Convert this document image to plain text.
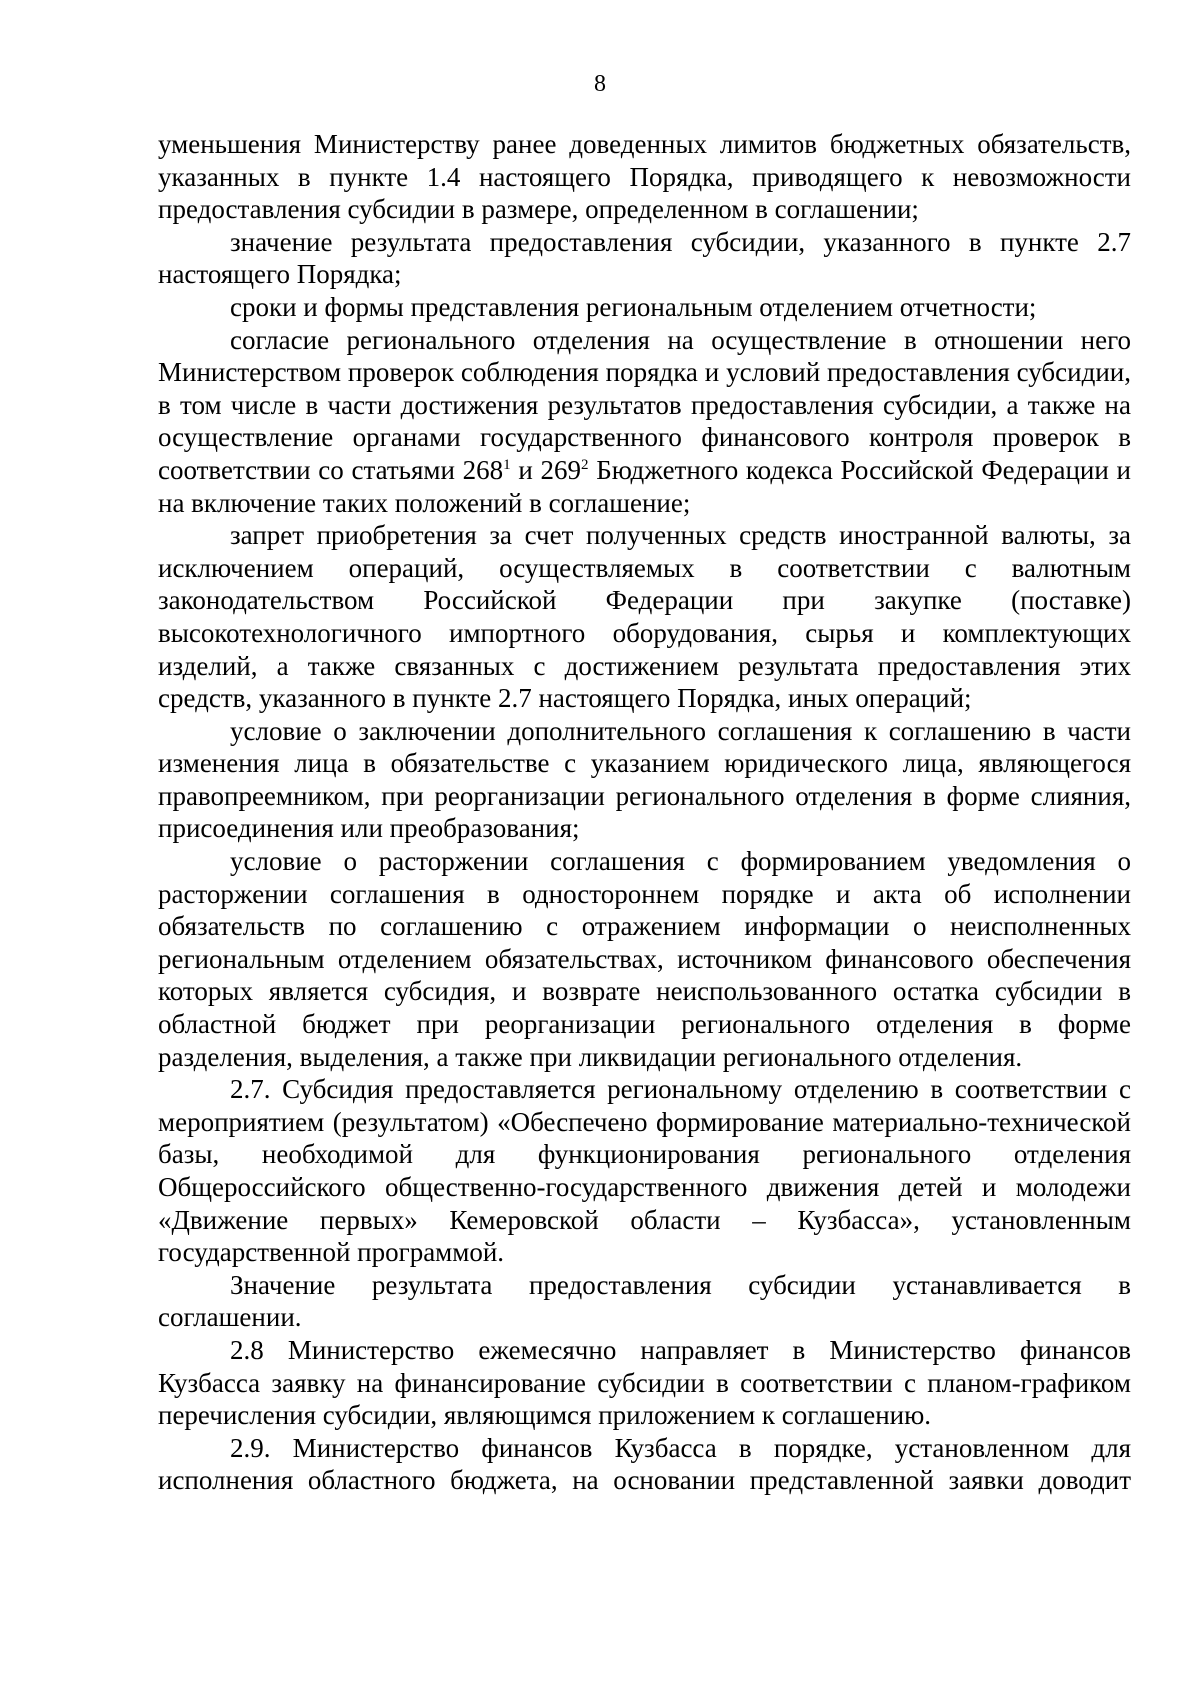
8

уменьшения Министерству ранее доведенных лимитов бюджетных обязательств, указанных в пункте 1.4 настоящего Порядка, приводящего к невозможности предоставления субсидии в размере, определенном в соглашении;

значение результата предоставления субсидии, указанного в пункте 2.7 настоящего Порядка;

сроки и формы представления региональным отделением отчетности;

согласие регионального отделения на осуществление в отношении него Министерством проверок соблюдения порядка и условий предоставления субсидии, в том числе в части достижения результатов предоставления субсидии, а также на осуществление органами государственного финансового контроля проверок в соответствии со статьями $268^1$ и $269^2$ Бюджетного кодекса Российской Федерации и на включение таких положений в соглашение;

запрет приобретения за счет полученных средств иностранной валюты, за исключением операций, осуществляемых в соответствии с валютным законодательством Российской Федерации при закупке (поставке) высокотехнологичного импортного оборудования, сырья и комплектующих изделий, а также связанных с достижением результата предоставления этих средств, указанного в пункте 2.7 настоящего Порядка, иных операций;

условие о заключении дополнительного соглашения к соглашению в части изменения лица в обязательстве с указанием юридического лица, являющегося правопреемником, при реорганизации регионального отделения в форме слияния, присоединения или преобразования;

условие о расторжении соглашения с формированием уведомления о расторжении соглашения в одностороннем порядке и акта об исполнении обязательств по соглашению с отражением информации о неисполненных региональным отделением обязательствах, источником финансового обеспечения которых является субсидия, и возврате неиспользованного остатка субсидии в областной бюджет при реорганизации регионального отделения в форме разделения, выделения, а также при ликвидации регионального отделения.

2.7. Субсидия предоставляется региональному отделению в соответствии с мероприятием (результатом) «Обеспечено формирование материально-технической базы, необходимой для функционирования регионального отделения Общероссийского общественно-государственного движения детей и молодежи «Движение первых» Кемеровской области – Кузбасса», установленным государственной программой.

Значение результата предоставления субсидии устанавливается в соглашении.

2.8 Министерство ежемесячно направляет в Министерство финансов Кузбасса заявку на финансирование субсидии в соответствии с планом-графиком перечисления субсидии, являющимся приложением к соглашению.

2.9. Министерство финансов Кузбасса в порядке, установленном для исполнения областного бюджета, на основании представленной заявки доводит
